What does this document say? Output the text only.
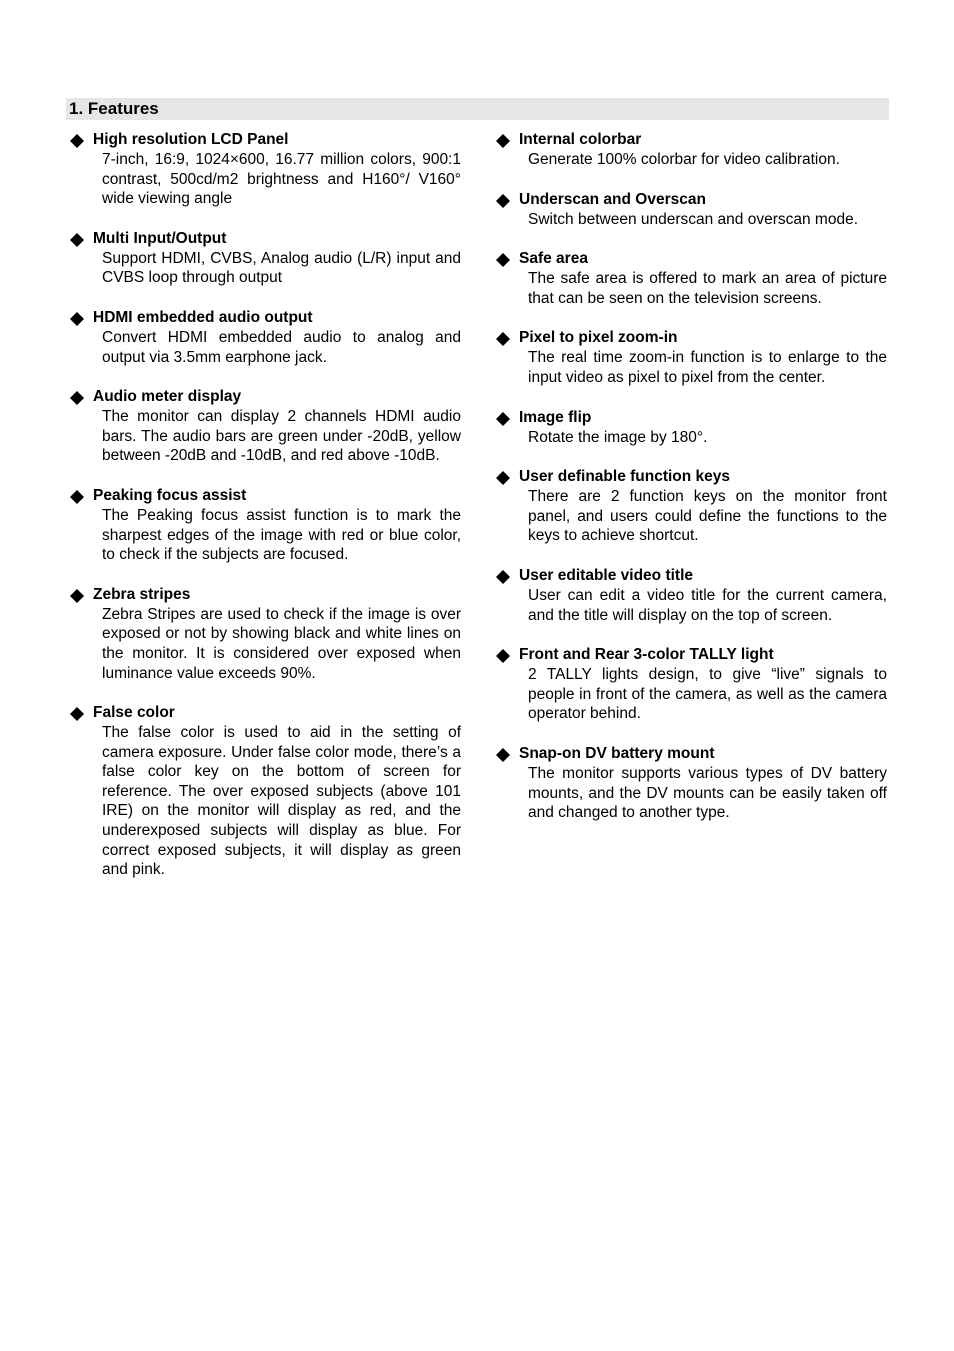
1. Features
High resolution LCD Panel
7-inch, 16:9, 1024×600, 16.77 million colors, 900:1 contrast, 500cd/m2 brightness and H160°/ V160° wide viewing angle
Multi Input/Output
Support HDMI, CVBS, Analog audio (L/R) input and CVBS loop through output
HDMI embedded audio output
Convert HDMI embedded audio to analog and output via 3.5mm earphone jack.
Audio meter display
The monitor can display 2 channels HDMI audio bars. The audio bars are green under -20dB, yellow between -20dB and -10dB, and red above -10dB.
Peaking focus assist
The Peaking focus assist function is to mark the sharpest edges of the image with red or blue color, to check if the subjects are focused.
Zebra stripes
Zebra Stripes are used to check if the image is over exposed or not by showing black and white lines on the monitor. It is considered over exposed when luminance value exceeds 90%.
False color
The false color is used to aid in the setting of camera exposure. Under false color mode, there’s a false color key on the bottom of screen for reference. The over exposed subjects (above 101 IRE) on the monitor will display as red, and the underexposed subjects will display as blue. For correct exposed subjects, it will display as green and pink.
Internal colorbar
Generate 100% colorbar for video calibration.
Underscan and Overscan
Switch between underscan and overscan mode.
Safe area
The safe area is offered to mark an area of picture that can be seen on the television screens.
Pixel to pixel zoom-in
The real time zoom-in function is to enlarge to the input video as pixel to pixel from the center.
Image flip
Rotate the image by 180°.
User definable function keys
There are 2 function keys on the monitor front panel, and users could define the functions to the keys to achieve shortcut.
User editable video title
User can edit a video title for the current camera, and the title will display on the top of screen.
Front and Rear 3-color TALLY light
2 TALLY lights design, to give “live” signals to people in front of the camera, as well as the camera operator behind.
Snap-on DV battery mount
The monitor supports various types of DV battery mounts, and the DV mounts can be easily taken off and changed to another type.
